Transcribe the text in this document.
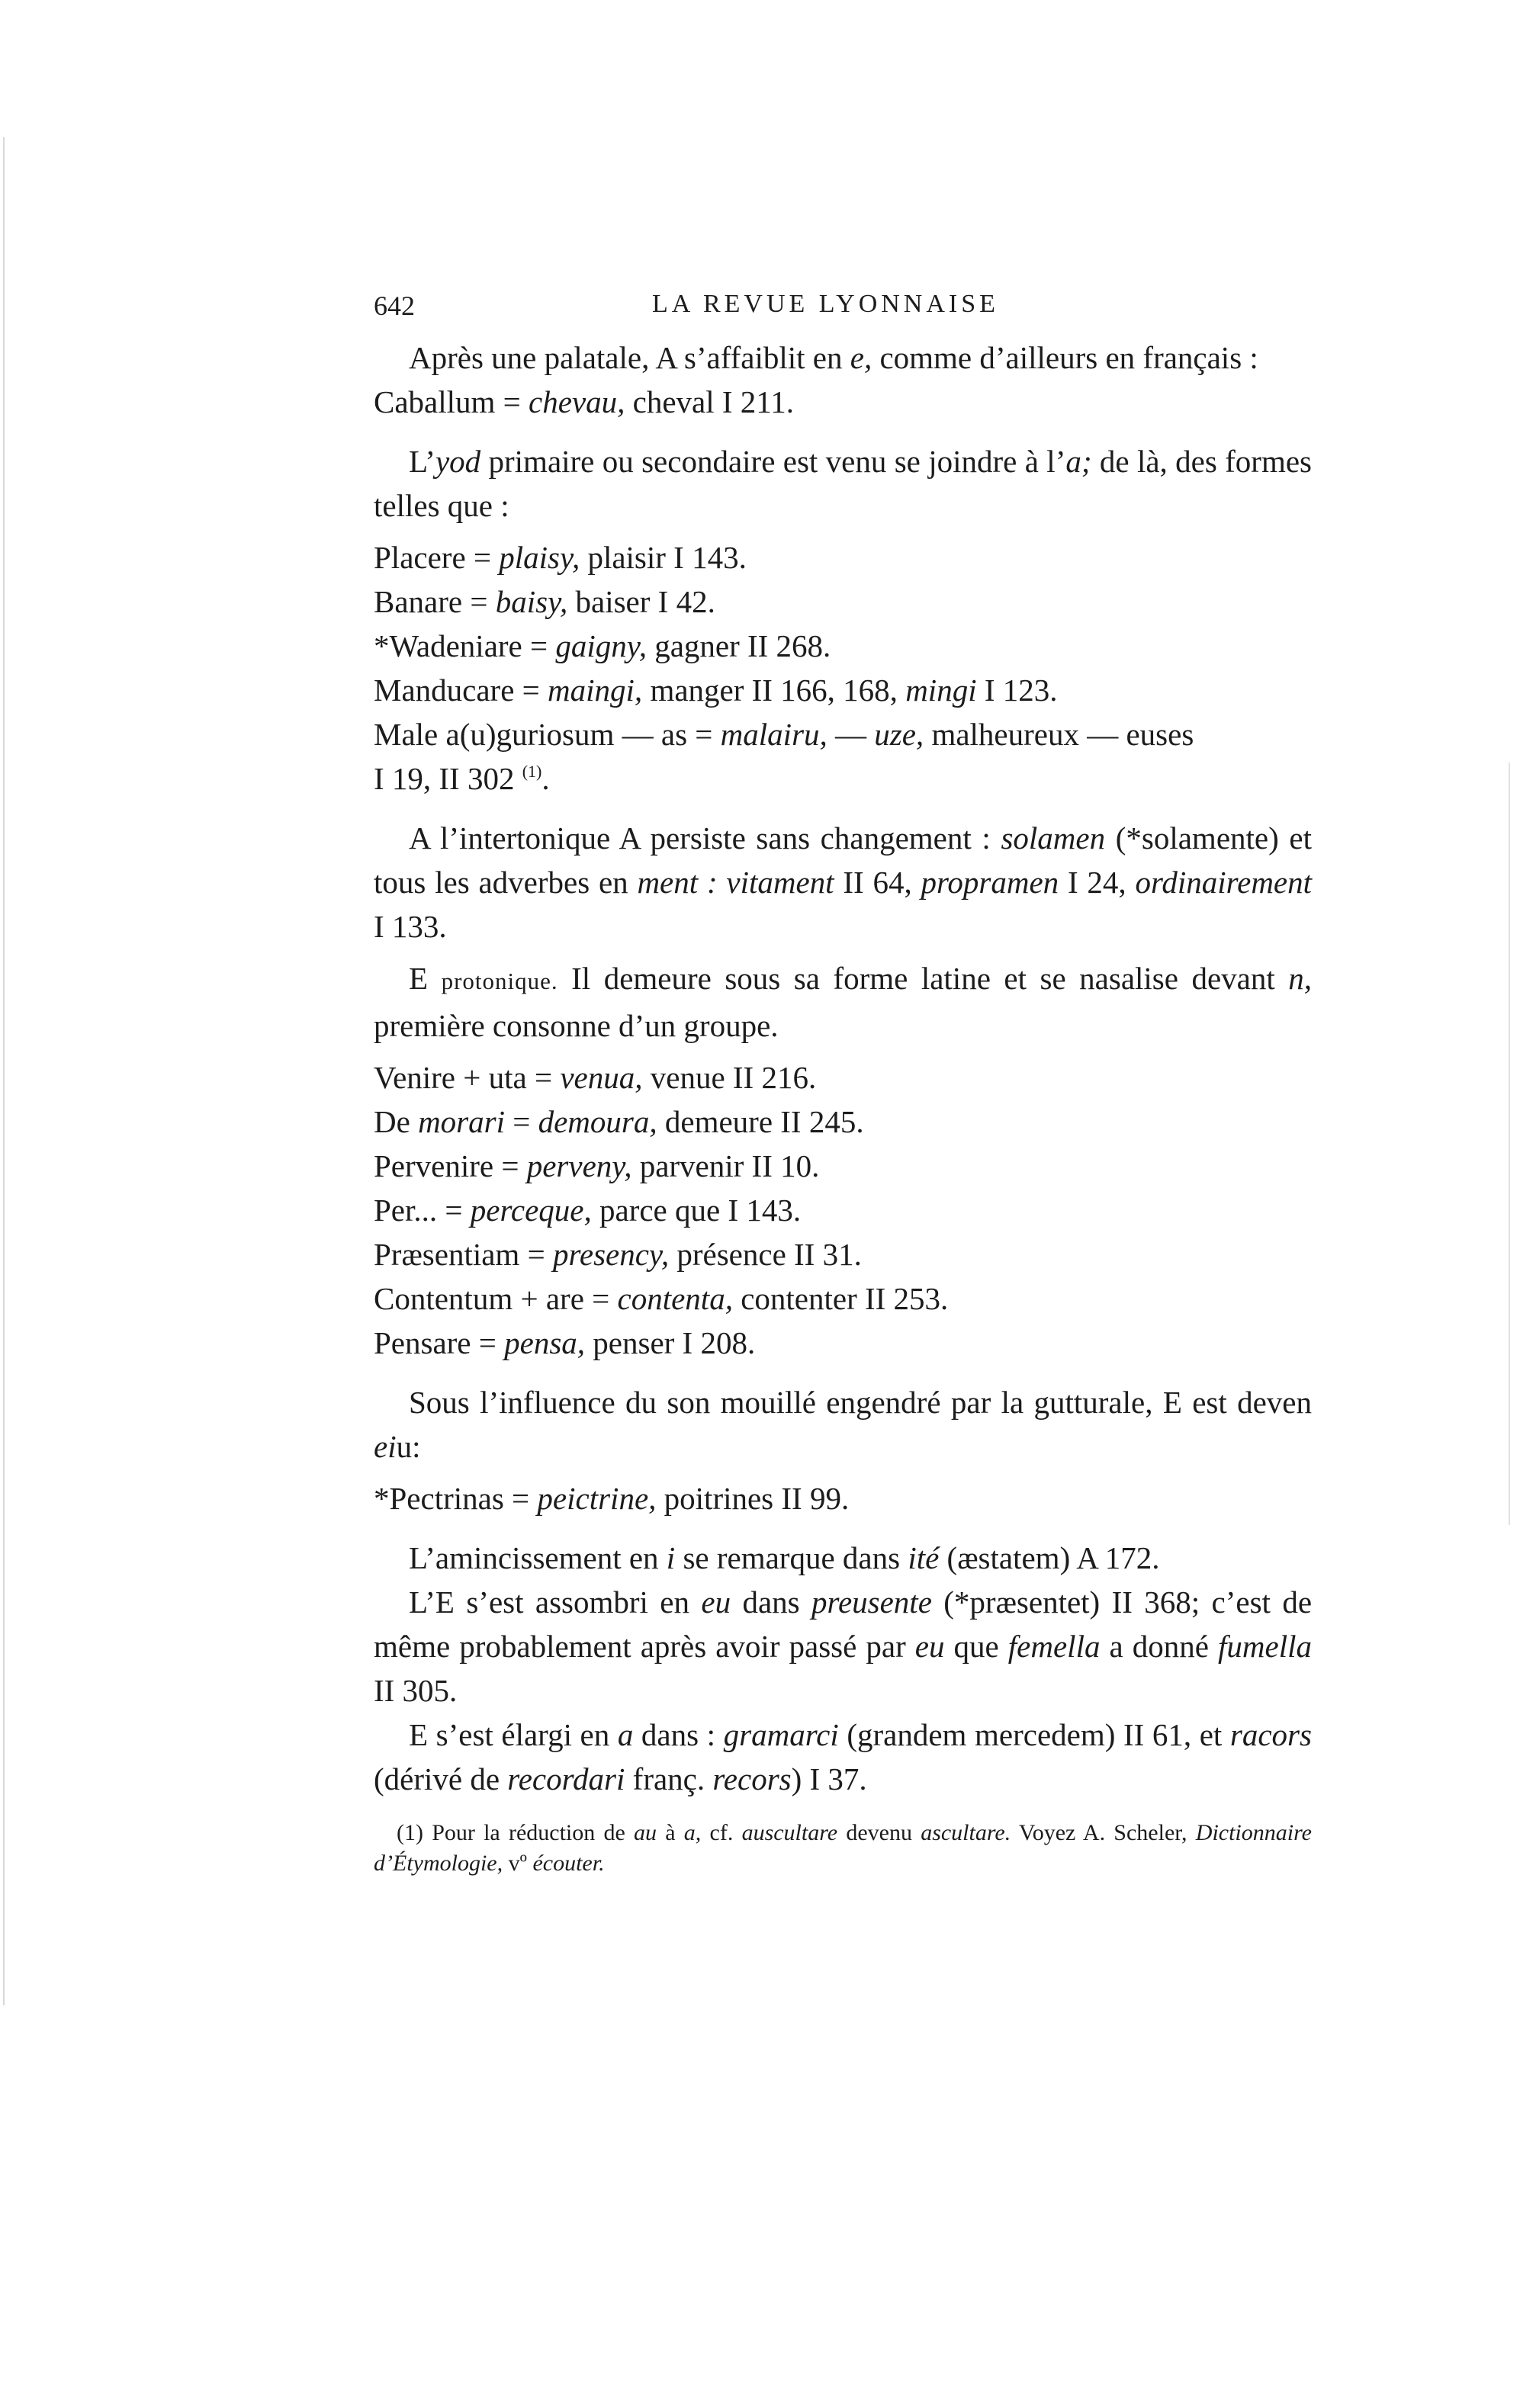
642	LA REVUE LYONNAISE

Après une palatale, A s’affaiblit en e, comme d’ailleurs en français :

Caballum = chevau, cheval I 211.

L’yod primaire ou secondaire est venu se joindre à l’a; de là, des formes telles que :

Placere = plaisy, plaisir I 143.

Banare = baisy, baiser I 42.

*Wadeniare = gaigny, gagner II 268.

Manducare = maingi, manger II 166, 168, mingi I 123.

Male a(u)guriosum — as = malairu, — uze, malheureux — euses

I 19, II 302 $^{(1)}$.

A l’intertonique A persiste sans changement : solamen (*solamente) et tous les adverbes en ment : vitament II 64, propramen I 24, ordinairement I 133.

E protonique. Il demeure sous sa forme latine et se nasalise devant n, première consonne d’un groupe.

Venire + uta = venua, venue II 216.

De morari = demoura, demeure II 245.

Pervenire = perveny, parvenir II 10.

Per... = perceque, parce que I 143.

Præsentiam = presency, présence II 31.

Contentum + are = contenta, contenter II 253.

Pensare = pensa, penser I 208.

Sous l’influence du son mouillé engendré par la gutturale, E est deven eiu:

*Pectrinas = peictrine, poitrines II 99.

L’amincissement en i se remarque dans ité (æstatem) A 172.

L’E s’est assombri en eu dans preusente (*præsentet) II 368; c’est de même probablement après avoir passé par eu que femella a donné fumella II 305.

E s’est élargi en a dans : gramarci (grandem mercedem) II 61, et racors (dérivé de recordari franç. recors) I 37.

(1) Pour la réduction de au à a, cf. auscultare devenu ascultare. Voyez A. Scheler, Dictionnaire d’Étymologie, vº écouter.
